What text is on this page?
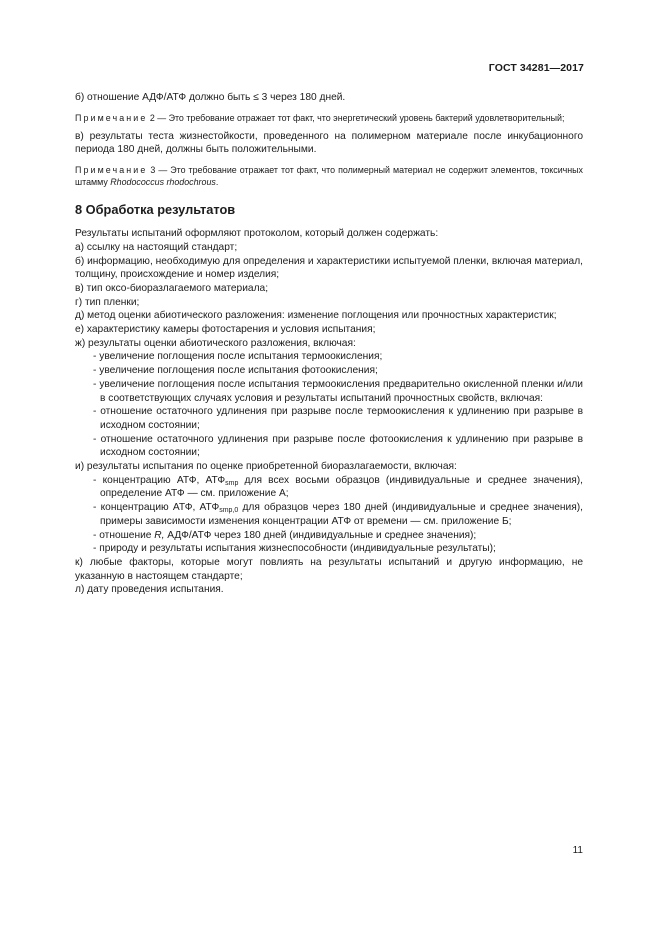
ГОСТ 34281—2017

б) отношение АДФ/АТФ должно быть ≤ 3 через 180 дней.

Примечание 2 — Это требование отражает тот факт, что энергетический уровень бактерий удовлетворительный;

в) результаты теста жизнестойкости, проведенного на полимерном материале после инкубационного периода 180 дней, должны быть положительными.

Примечание 3 — Это требование отражает тот факт, что полимерный материал не содержит элементов, токсичных штамму Rhodococcus rhodochrous.

8 Обработка результатов

Результаты испытаний оформляют протоколом, который должен содержать:

а) ссылку на настоящий стандарт;

б) информацию, необходимую для определения и характеристики испытуемой пленки, включая материал, толщину, происхождение и номер изделия;

в) тип оксо-биоразлагаемого материала;

г) тип пленки;

д) метод оценки абиотического разложения: изменение поглощения или прочностных характеристик;

е) характеристику камеры фотостарения и условия испытания;

ж) результаты оценки абиотического разложения, включая:

- увеличение поглощения после испытания термоокисления;

- увеличение поглощения после испытания фотоокисления;

- увеличение поглощения после испытания термоокисления предварительно окисленной пленки и/или в соответствующих случаях условия и результаты испытаний прочностных свойств, включая:

- отношение остаточного удлинения при разрыве после термоокисления к удлинению при разрыве в исходном состоянии;

- отношение остаточного удлинения при разрыве после фотоокисления к удлинению при разрыве в исходном состоянии;

и) результаты испытания по оценке приобретенной биоразлагаемости, включая:

- концентрацию АТФ, $АТФ_{smp}$ для всех восьми образцов (индивидуальные и среднее значения), определение АТФ — см. приложение А;

- концентрацию АТФ, $АТФ_{smp,0}$ для образцов через 180 дней (индивидуальные и среднее значения), примеры зависимости изменения концентрации АТФ от времени — см. приложение Б;

- отношение R, АДФ/АТФ через 180 дней (индивидуальные и среднее значения);

- природу и результаты испытания жизнеспособности (индивидуальные результаты);

к) любые факторы, которые могут повлиять на результаты испытаний и другую информацию, не указанную в настоящем стандарте;

л) дату проведения испытания.

11
